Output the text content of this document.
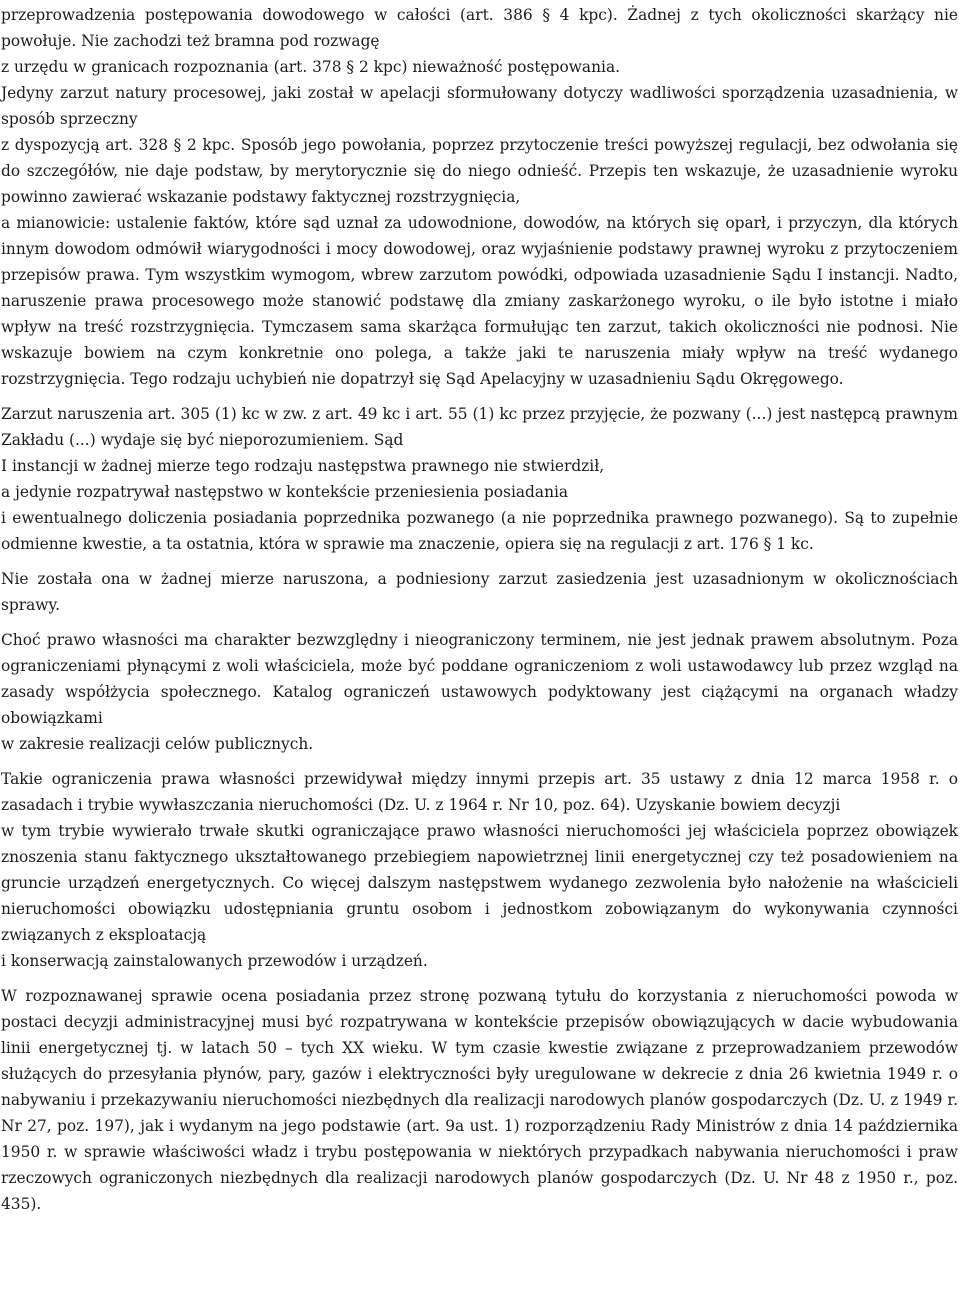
przeprowadzenia postępowania dowodowego w całości (art. 386 § 4 kpc). Żadnej z tych okoliczności skarżący nie powołuje. Nie zachodzi też bramna pod rozwagę
z urzędu w granicach rozpoznania (art. 378 § 2 kpc) nieważność postępowania.
Jedyny zarzut natury procesowej, jaki został w apelacji sformułowany dotyczy wadliwości sporządzenia uzasadnienia, w sposób sprzeczny
z dyspozycją art. 328 § 2 kpc. Sposób jego powołania, poprzez przytoczenie treści powyższej regulacji, bez odwołania się do szczegółów, nie daje podstaw, by merytorycznie się do niego odnieść. Przepis ten wskazuje, że uzasadnienie wyroku powinno zawierać wskazanie podstawy faktycznej rozstrzygnięcia,
a mianowicie: ustalenie faktów, które sąd uznał za udowodnione, dowodów, na których się oparł, i przyczyn, dla których innym dowodom odmówił wiarygodności i mocy dowodowej, oraz wyjaśnienie podstawy prawnej wyroku z przytoczeniem przepisów prawa. Tym wszystkim wymogom, wbrew zarzutom powódki, odpowiada uzasadnienie Sądu I instancji. Nadto, naruszenie prawa procesowego może stanowić podstawę dla zmiany zaskarżonego wyroku, o ile było istotne i miało wpływ na treść rozstrzygnięcia. Tymczasem sama skarżąca formułując ten zarzut, takich okoliczności nie podnosi. Nie wskazuje bowiem na czym konkretnie ono polega, a także jaki te naruszenia miały wpływ na treść wydanego rozstrzygnięcia. Tego rodzaju uchybień nie dopatrzył się Sąd Apelacyjny w uzasadnieniu Sądu Okręgowego.
Zarzut naruszenia art. 305 (1) kc w zw. z art. 49 kc i art. 55 (1) kc przez przyjęcie, że pozwany (...) jest następcą prawnym Zakładu (...) wydaje się być nieporozumieniem. Sąd
I instancji w żadnej mierze tego rodzaju następstwa prawnego nie stwierdził,
a jedynie rozpatrywał następstwo w kontekście przeniesienia posiadania
i ewentualnego doliczenia posiadania poprzednika pozwanego (a nie poprzednika prawnego pozwanego). Są to zupełnie odmienne kwestie, a ta ostatnia, która w sprawie ma znaczenie, opiera się na regulacji z art. 176 § 1 kc.
Nie została ona w żadnej mierze naruszona, a podniesiony zarzut zasiedzenia jest uzasadnionym w okolicznościach sprawy.
Choć prawo własności ma charakter bezwzględny i nieograniczony terminem, nie jest jednak prawem absolutnym. Poza ograniczeniami płynącymi z woli właściciela, może być poddane ograniczeniom z woli ustawodawcy lub przez wzgląd na zasady współżycia społecznego. Katalog ograniczeń ustawowych podyktowany jest ciążącymi na organach władzy obowiązkami
w zakresie realizacji celów publicznych.
Takie ograniczenia prawa własności przewidywał między innymi przepis art. 35 ustawy z dnia 12 marca 1958 r. o zasadach i trybie wywłaszczania nieruchomości (Dz. U. z 1964 r. Nr 10, poz. 64). Uzyskanie bowiem decyzji
w tym trybie wywierało trwałe skutki ograniczające prawo własności nieruchomości jej właściciela poprzez obowiązek znoszenia stanu faktycznego ukształtowanego przebiegiem napowietrznej linii energetycznej czy też posadowieniem na gruncie urządzeń energetycznych. Co więcej dalszym następstwem wydanego zezwolenia było nałożenie na właścicieli nieruchomości obowiązku udostępniania gruntu osobom i jednostkom zobowiązanym do wykonywania czynności związanych z eksploatacją
i konserwacją zainstalowanych przewodów i urządzeń.
W rozpoznawanej sprawie ocena posiadania przez stronę pozwaną tytułu do korzystania z nieruchomości powoda w postaci decyzji administracyjnej musi być rozpatrywana w kontekście przepisów obowiązujących w dacie wybudowania linii energetycznej tj. w latach 50 – tych XX wieku. W tym czasie kwestie związane z przeprowadzaniem przewodów służących do przesyłania płynów, pary, gazów i elektryczności były uregulowane w dekrecie z dnia 26 kwietnia 1949 r. o nabywaniu i przekazywaniu nieruchomości niezbędnych dla realizacji narodowych planów gospodarczych (Dz. U. z 1949 r. Nr 27, poz. 197), jak i wydanym na jego podstawie (art. 9a ust. 1) rozporządzeniu Rady Ministrów z dnia 14 października 1950 r. w sprawie właściwości władz i trybu postępowania w niektórych przypadkach nabywania nieruchomości i praw rzeczowych ograniczonych niezbędnych dla realizacji narodowych planów gospodarczych (Dz. U. Nr 48 z 1950 r., poz. 435).
